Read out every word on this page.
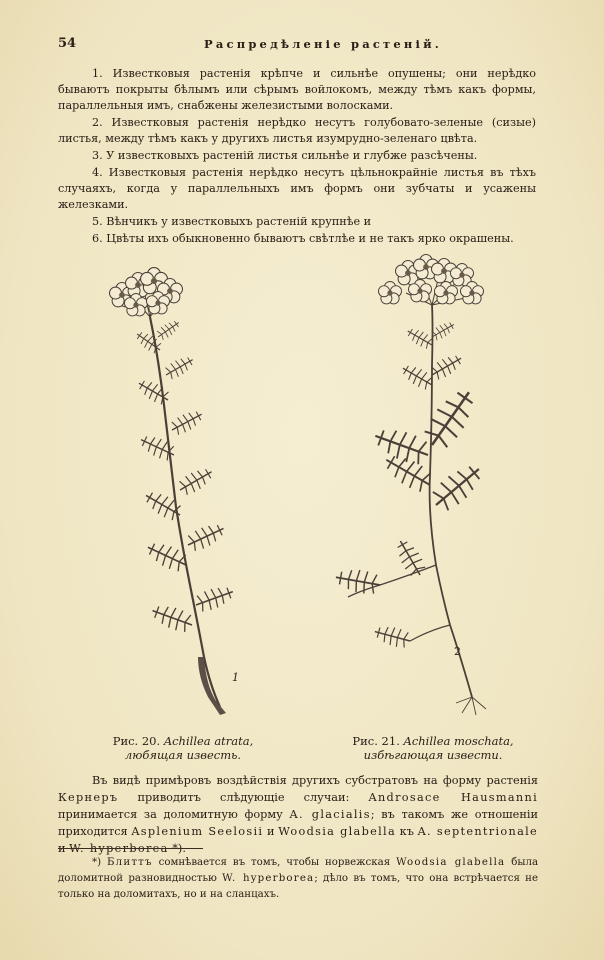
54	Распредѣленіе растеній.
1. Известковыя растенія крѣпче и сильнѣе опушены; они нерѣдко бываютъ покрыты бѣлымъ или сѣрымъ войлокомъ, между тѣмъ какъ формы, параллельныя имъ, снабжены железистыми волосками.
2. Известковыя растенія нерѣдко несутъ голубовато-зеленые (сизые) листья, между тѣмъ какъ у другихъ листья изумрудно-зеленаго цвѣта.
3. У известковыхъ растеній листья сильнѣе и глубже разсѣчены.
4. Известковыя растенія нерѣдко несутъ цѣльнокрайніе листья въ тѣхъ случаяхъ, когда у параллельныхъ имъ формъ они зубчаты и усажены железками.
5. Вѣнчикъ у известковыхъ растеній крупнѣе и
6. Цвѣты ихъ обыкновенно бываютъ свѣтлѣе и не такъ ярко окрашены.
1
2
Рис. 20. Achillea atrata,
любящая известь.
Рис. 21. Achillea moschata,
избѣгающая извести.

Въ видѣ примѣровъ воздѣйствія другихъ субстратовъ на форму растенія Кернеръ приводитъ слѣдующіе случаи: Androsace Hausmanni принимается за доломитную форму A. glacialis; въ такомъ же отношеніи приходится Asplenium Seelosii и Woodsia glabella къ A. septentrionale и W. hyperborea *).

*) Блиттъ сомнѣвается въ томъ, чтобы норвежская Woodsia glabella была доломитной разновидностью W. hyperborea; дѣло въ томъ, что она встрѣчается не только на доломитахъ, но и на сланцахъ.
